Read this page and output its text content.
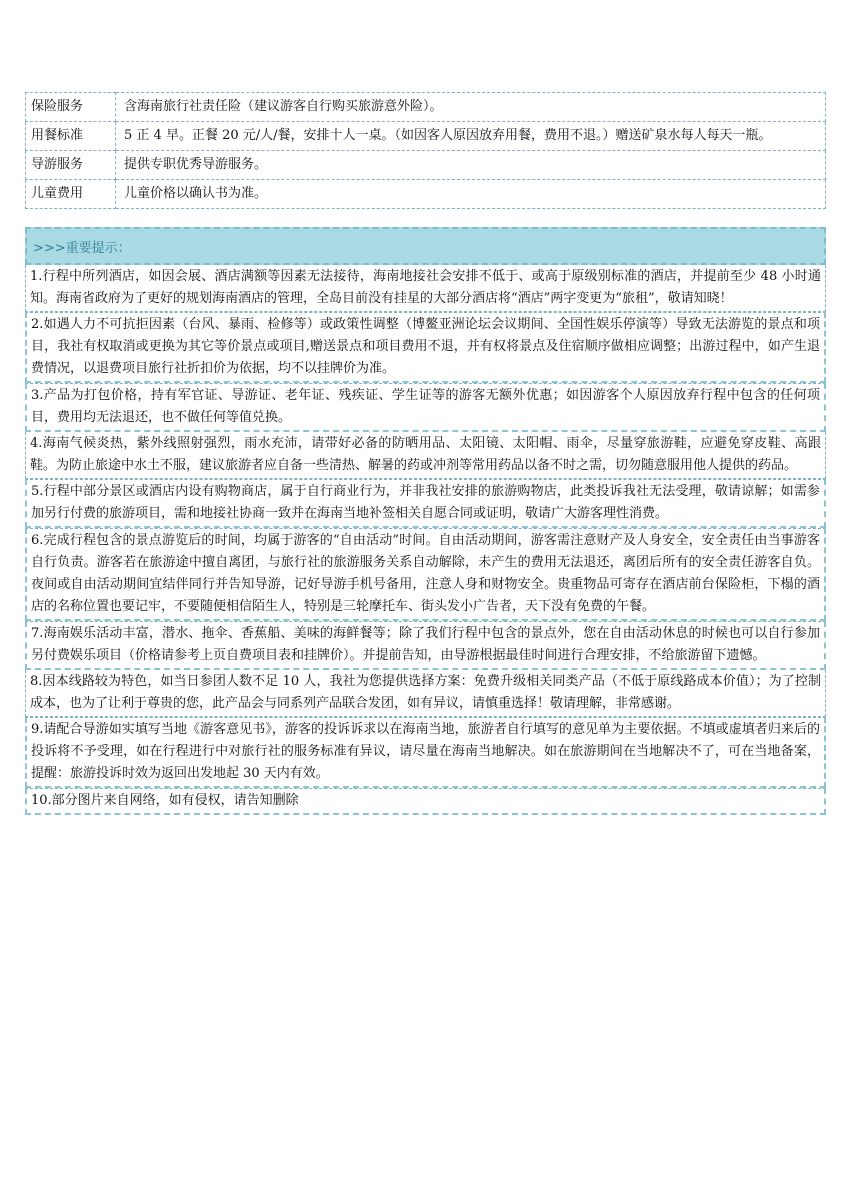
保险服务	含海南旅行社责任险（建议游客自行购买旅游意外险）。
用餐标准	5 正 4 早。正餐 20 元/人/餐，安排十人一桌。（如因客人原因放弃用餐，费用不退。）赠送矿泉水每人每天一瓶。
导游服务	提供专职优秀导游服务。
儿童费用	儿童价格以确认书为准。
>>>重要提示：
1.行程中所列酒店，如因会展、酒店满额等因素无法接待，海南地接社会安排不低于、或高于原级别标准的酒店，并提前至少 48 小时通知。海南省政府为了更好的规划海南酒店的管理，全岛目前没有挂星的大部分酒店将“酒店”两字变更为“旅租”，敬请知晓！
2.如遇人力不可抗拒因素（台风、暴雨、检修等）或政策性调整（博鳌亚洲论坛会议期间、全国性娱乐停演等）导致无法游览的景点和项目，我社有权取消或更换为其它等价景点或项目,赠送景点和项目费用不退，并有权将景点及住宿顺序做相应调整；出游过程中，如产生退费情况，以退费项目旅行社折扣价为依据，均不以挂牌价为准。
3.产品为打包价格，持有军官证、导游证、老年证、残疾证、学生证等的游客无额外优惠；如因游客个人原因放弃行程中包含的任何项目，费用均无法退还，也不做任何等值兑换。
4.海南气候炎热，紫外线照射强烈，雨水充沛，请带好必备的防晒用品、太阳镜、太阳帽、雨伞，尽量穿旅游鞋，应避免穿皮鞋、高跟鞋。为防止旅途中水土不服，建议旅游者应自备一些清热、解暑的药或冲剂等常用药品以备不时之需，切勿随意服用他人提供的药品。
5.行程中部分景区或酒店内设有购物商店，属于自行商业行为，并非我社安排的旅游购物店，此类投诉我社无法受理，敬请谅解；如需参加另行付费的旅游项目，需和地接社协商一致并在海南当地补签相关自愿合同或证明，敬请广大游客理性消费。
6.完成行程包含的景点游览后的时间，均属于游客的“自由活动”时间。自由活动期间，游客需注意财产及人身安全，安全责任由当事游客自行负责。游客若在旅游途中擅自离团，与旅行社的旅游服务关系自动解除，未产生的费用无法退还，离团后所有的安全责任游客自负。夜间或自由活动期间宜结伴同行并告知导游，记好导游手机号备用，注意人身和财物安全。贵重物品可寄存在酒店前台保险柜，下榻的酒店的名称位置也要记牢，不要随便相信陌生人，特别是三轮摩托车、街头发小广告者，天下没有免费的午餐。
7.海南娱乐活动丰富，潜水、拖伞、香蕉船、美味的海鲜餐等；除了我们行程中包含的景点外，您在自由活动休息的时候也可以自行参加另付费娱乐项目（价格请参考上页自费项目表和挂牌价）。并提前告知，由导游根据最佳时间进行合理安排，不给旅游留下遗憾。
8.因本线路较为特色，如当日参团人数不足 10 人，我社为您提供选择方案：免费升级相关同类产品（不低于原线路成本价值）；为了控制成本，也为了让利于尊贵的您，此产品会与同系列产品联合发团，如有异议，请慎重选择！敬请理解，非常感谢。
9.请配合导游如实填写当地《游客意见书》，游客的投诉诉求以在海南当地，旅游者自行填写的意见单为主要依据。不填或虚填者归来后的投诉将不予受理，如在行程进行中对旅行社的服务标准有异议，请尽量在海南当地解决。如在旅游期间在当地解决不了，可在当地备案，提醒：旅游投诉时效为返回出发地起 30 天内有效。
10.部分图片来自网络，如有侵权，请告知删除
